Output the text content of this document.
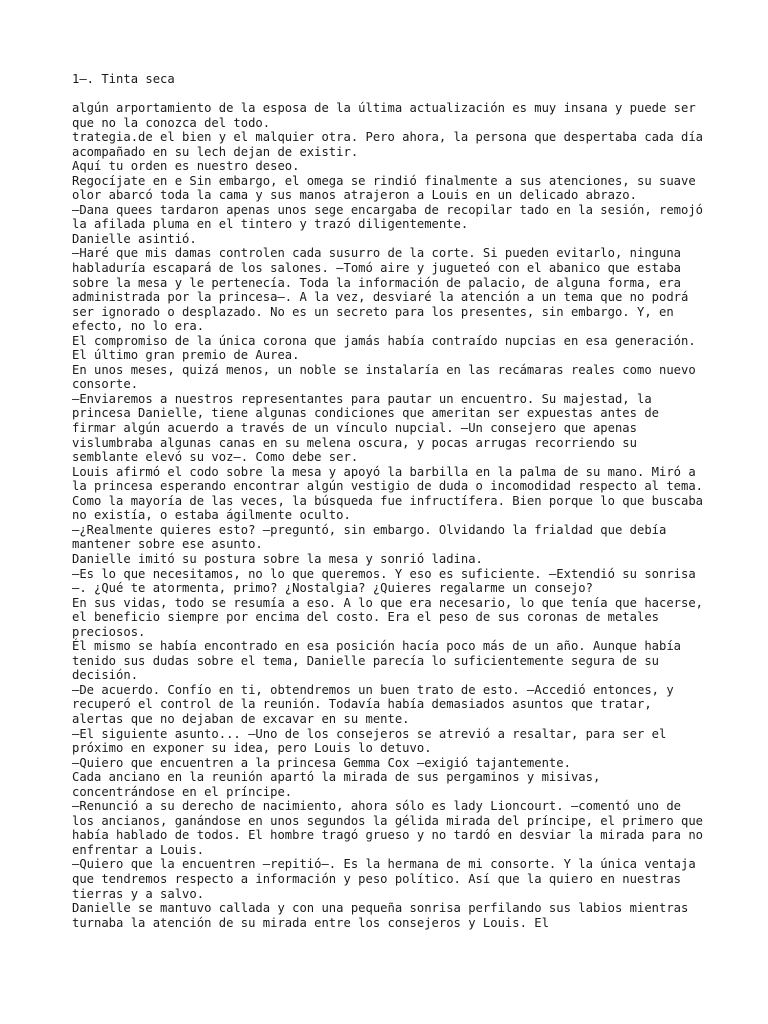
1—. Tinta seca

algún arportamiento de la esposa de la última actualización es muy insana y puede ser que no la conozca del todo.

trategia.de el bien y el malquier otra. Pero ahora, la persona que despertaba cada día acompañado en su lech dejan de existir.

Aquí tu orden es nuestro deseo.

Regocíjate en e Sin embargo, el omega se rindió finalmente a sus atenciones, su suave olor abarcó toda la cama y sus manos atrajeron a Louis en un delicado abrazo.

—Dana quees tardaron apenas unos sege encargaba de recopilar tado en la sesión, remojó la afilada pluma en el tintero y trazó diligentemente.

Danielle asintió.

—Haré que mis damas controlen cada susurro de la corte. Si pueden evitarlo, ninguna habladuría escapará de los salones. —Tomó aire y jugueteó con el abanico que estaba sobre la mesa y le pertenecía. Toda la información de palacio, de alguna forma, era administrada por la princesa—. A la vez, desviaré la atención a un tema que no podrá ser ignorado o desplazado. No es un secreto para los presentes, sin embargo. Y, en efecto, no lo era.

El compromiso de la única corona que jamás había contraído nupcias en esa generación. El último gran premio de Aurea.

En unos meses, quizá menos, un noble se instalaría en las recámaras reales como nuevo consorte.

—Enviaremos a nuestros representantes para pautar un encuentro. Su majestad, la princesa Danielle, tiene algunas condiciones que ameritan ser expuestas antes de firmar algún acuerdo a través de un vínculo nupcial. —Un consejero que apenas vislumbraba algunas canas en su melena oscura, y pocas arrugas recorriendo su semblante elevó su voz—. Como debe ser.

Louis afirmó el codo sobre la mesa y apoyó la barbilla en la palma de su mano. Miró a la princesa esperando encontrar algún vestigio de duda o incomodidad respecto al tema. Como la mayoría de las veces, la búsqueda fue infructífera. Bien porque lo que buscaba no existía, o estaba ágilmente oculto.

—¿Realmente quieres esto? —preguntó, sin embargo. Olvidando la frialdad que debía mantener sobre ese asunto.

Danielle imitó su postura sobre la mesa y sonrió ladina.

—Es lo que necesitamos, no lo que queremos. Y eso es suficiente. —Extendió su sonrisa—. ¿Qué te atormenta, primo? ¿Nostalgia? ¿Quieres regalarme un consejo?

En sus vidas, todo se resumía a eso. A lo que era necesario, lo que tenía que hacerse, el beneficio siempre por encima del costo. Era el peso de sus coronas de metales preciosos.

Él mismo se había encontrado en esa posición hacía poco más de un año. Aunque había tenido sus dudas sobre el tema, Danielle parecía lo suficientemente segura de su decisión.

—De acuerdo. Confío en ti, obtendremos un buen trato de esto. —Accedió entonces, y recuperó el control de la reunión. Todavía había demasiados asuntos que tratar, alertas que no dejaban de excavar en su mente.

—El siguiente asunto... —Uno de los consejeros se atrevió a resaltar, para ser el próximo en exponer su idea, pero Louis lo detuvo.

—Quiero que encuentren a la princesa Gemma Cox —exigió tajantemente.

Cada anciano en la reunión apartó la mirada de sus pergaminos y misivas, concentrándose en el príncipe.

—Renunció a su derecho de nacimiento, ahora sólo es lady Lioncourt. —comentó uno de los ancianos, ganándose en unos segundos la gélida mirada del príncipe, el primero que había hablado de todos. El hombre tragó grueso y no tardó en desviar la mirada para no enfrentar a Louis.

—Quiero que la encuentren —repitió—. Es la hermana de mi consorte. Y la única ventaja que tendremos respecto a información y peso político. Así que la quiero en nuestras tierras y a salvo.

Danielle se mantuvo callada y con una pequeña sonrisa perfilando sus labios mientras turnaba la atención de su mirada entre los consejeros y Louis. El
